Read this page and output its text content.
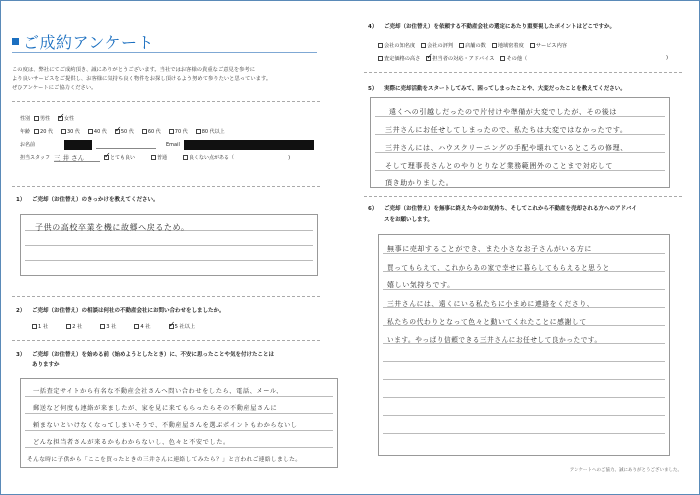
ご成約アンケート
この度は、弊社にてご成約頂き、誠にありがとうございます。当社ではお客様の貴重なご意見を参考に
より良いサービスをご提供し、お客様に気持ち良く物件をお探し頂けるよう努めて参りたいと思っています。
ぜひアンケートにご協力ください。
性別 男性 ✓	女性
年齢 20 代	30 代	40 代 ✓	50 代	60 代	70 代	80 代以上
お名前	Email
担当スタッフ 三 井 さん ✓	とても良い	普通	良くない点がある（	)
1） ご売却（お住替え）のきっかけを教えてください。
子供の高校卒業を機に故郷へ戻るため。
2） ご売却（お住替え）の相談は何社の不動産会社にお問い合わせをしましたか。
1 社	2 社	3 社	4 社 ✓	5 社以上
3） ご売却（お住替え）を始める前（始めようとしたとき）に、不安に思ったことや気を付けたことは
ありますか
一括査定サイトから有名な不動産会社さんへ問い合わせをしたら、電話、メール、
郵送など何度も連絡が来ましたが、家を見に来てもらったらその不動産屋さんに
頼まないといけなくなってしまいそうで、不動産屋さんを選ぶポイントもわからないし
どんな担当者さんが来るかもわからないし、色々と不安でした。
そんな時に子供から「ここを買ったときの三井さんに連絡してみたら？」と言われご連絡しました。
4） ご売却（お住替え）を依頼する不動産会社の選定にあたり重要視したポイントはどこですか。
会社の知名度 会社の評判 店舗の数 地域密着度 サービス内容
査定価格の高さ ✓ 担当者の対応・アドバイス その他（	)
5） 実際に売却活動をスタートしてみて、困ってしまったことや、大変だったことを教えてください。
遠くへの引越しだったので片付けや準備が大変でしたが、その後は
三井さんにお任せしてしまったので、私たちは大変ではなかったです。
三井さんには、ハウスクリーニングの手配や壊れているところの修理、
そして理事長さんとのやりとりなど業務範囲外のことまで対応して
頂き助かりました。
6） ご売却（お住替え）を無事に終えた今のお気持ち、そしてこれから不動産を売却される方へのアドバイ
スをお願いします。
無事に売却することができ、また小さなお子さんがいる方に
買ってもらえて、これからあの家で幸せに暮らしてもらえると思うと
嬉しい気持ちです。
三井さんには、遠くにいる私たちに小まめに連絡をくださり、
私たちの代わりとなって色々と動いてくれたことに感謝して
います。やっぱり信頼できる三井さんにお任せして良かったです。
アンケートへのご協力、誠にありがとうございました。
